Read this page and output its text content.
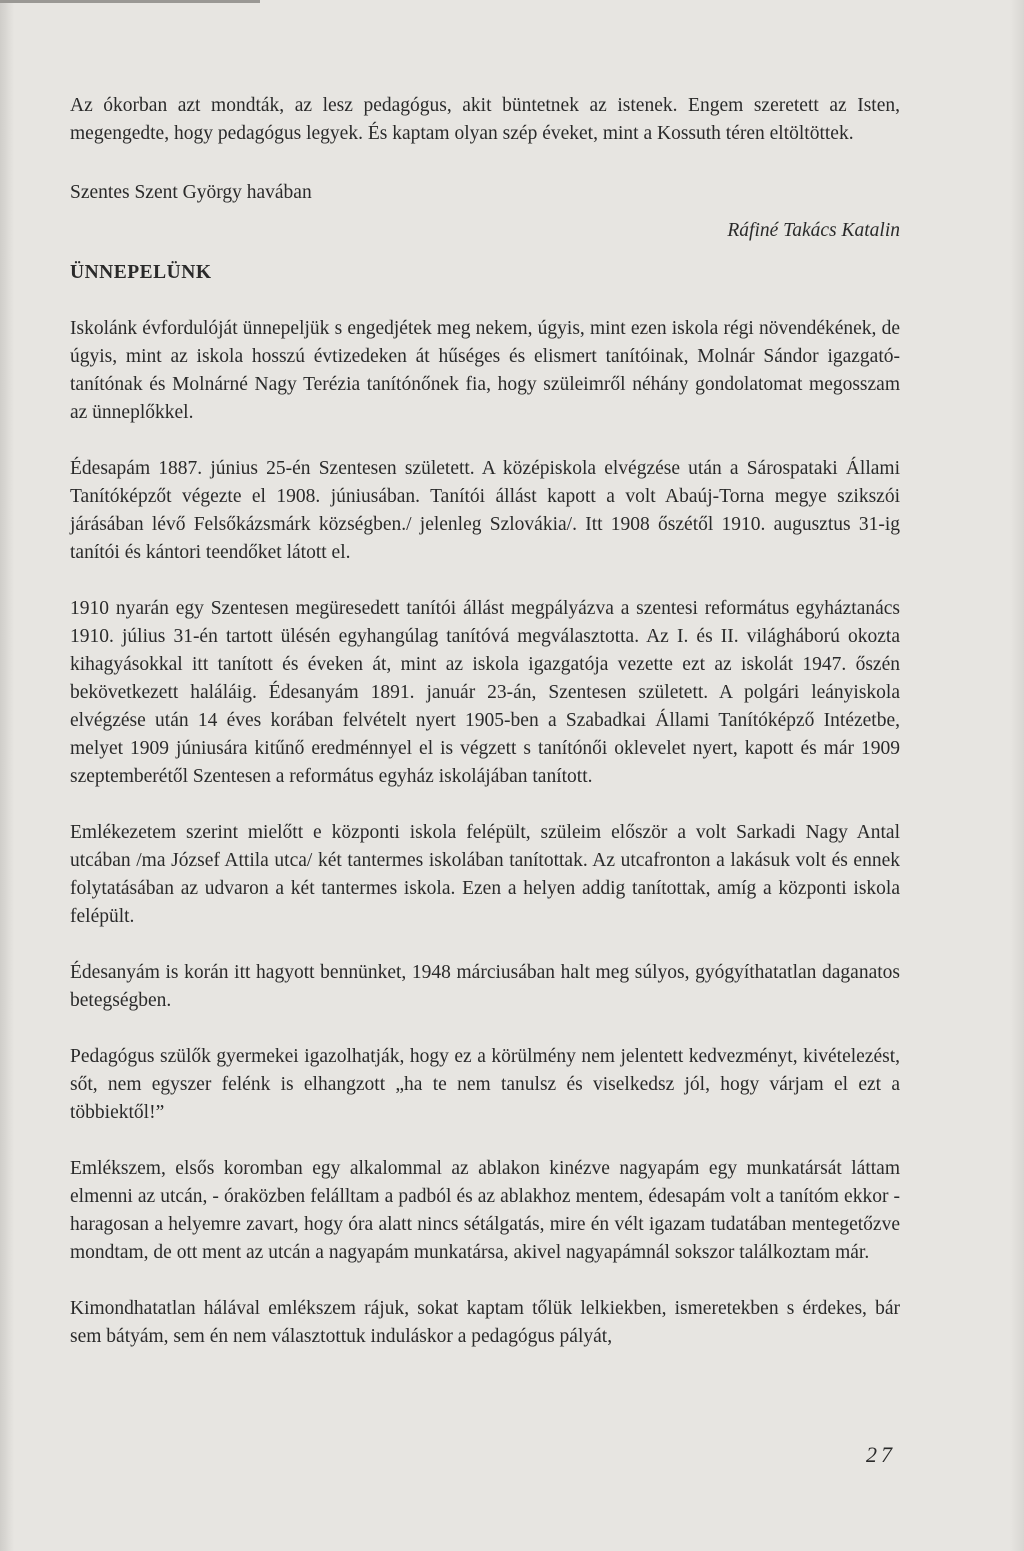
Az ókorban azt mondták, az lesz pedagógus, akit büntetnek az istenek. Engem szeretett az Isten, megengedte, hogy pedagógus legyek. És kaptam olyan szép éveket, mint a Kossuth téren eltöltöttek.

Szentes Szent György havában

Ráfiné Takács Katalin

ÜNNEPELÜNK

Iskolánk évfordulóját ünnepeljük s engedjétek meg nekem, úgyis, mint ezen iskola régi növendékének, de úgyis, mint az iskola hosszú évtizedeken át hűséges és elismert tanítóinak, Molnár Sándor igazgató-tanítónak és Molnárné Nagy Terézia tanítónőnek fia, hogy szüleimről néhány gondolatomat megosszam az ünneplőkkel.

Édesapám 1887. június 25-én Szentesen született. A középiskola elvégzése után a Sárospataki Állami Tanítóképzőt végezte el 1908. júniusában. Tanítói állást kapott a volt Abaúj-Torna megye szikszói járásában lévő Felsőkázsmárk községben./ jelenleg Szlovákia/. Itt 1908 őszétől 1910. augusztus 31-ig tanítói és kántori teendőket látott el.

1910 nyarán egy Szentesen megüresedett tanítói állást megpályázva a szentesi református egyháztanács 1910. július 31-én tartott ülésén egyhangúlag tanítóvá megválasztotta. Az I. és II. világháború okozta kihagyásokkal itt tanított és éveken át, mint az iskola igazgatója vezette ezt az iskolát 1947. őszén bekövetkezett haláláig. Édesanyám 1891. január 23-án, Szentesen született. A polgári leányiskola elvégzése után 14 éves korában felvételt nyert 1905-ben a Szabadkai Állami Tanítóképző Intézetbe, melyet 1909 júniusára kitűnő eredménnyel el is végzett s tanítónői oklevelet nyert, kapott és már 1909 szeptemberétől Szentesen a református egyház iskolájában tanított.

Emlékezetem szerint mielőtt e központi iskola felépült, szüleim először a volt Sarkadi Nagy Antal utcában /ma József Attila utca/ két tantermes iskolában tanítottak. Az utcafronton a lakásuk volt és ennek folytatásában az udvaron a két tantermes iskola. Ezen a helyen addig tanítottak, amíg a központi iskola felépült.

Édesanyám is korán itt hagyott bennünket, 1948 márciusában halt meg súlyos, gyógyíthatatlan daganatos betegségben.

Pedagógus szülők gyermekei igazolhatják, hogy ez a körülmény nem jelentett kedvezményt, kivételezést, sőt, nem egyszer felénk is elhangzott „ha te nem tanulsz és viselkedsz jól, hogy várjam el ezt a többiektől!”

Emlékszem, elsős koromban egy alkalommal az ablakon kinézve nagyapám egy munkatársát láttam elmenni az utcán, - óraközben felálltam a padból és az ablakhoz mentem, édesapám volt a tanítóm ekkor - haragosan a helyemre zavart, hogy óra alatt nincs sétálgatás, mire én vélt igazam tudatában mentegetőzve mondtam, de ott ment az utcán a nagyapám munkatársa, akivel nagyapámnál sokszor találkoztam már.

Kimondhatatlan hálával emlékszem rájuk, sokat kaptam tőlük lelkiekben, ismeretekben s érdekes, bár sem bátyám, sem én nem választottuk induláskor a pedagógus pályát,

27
